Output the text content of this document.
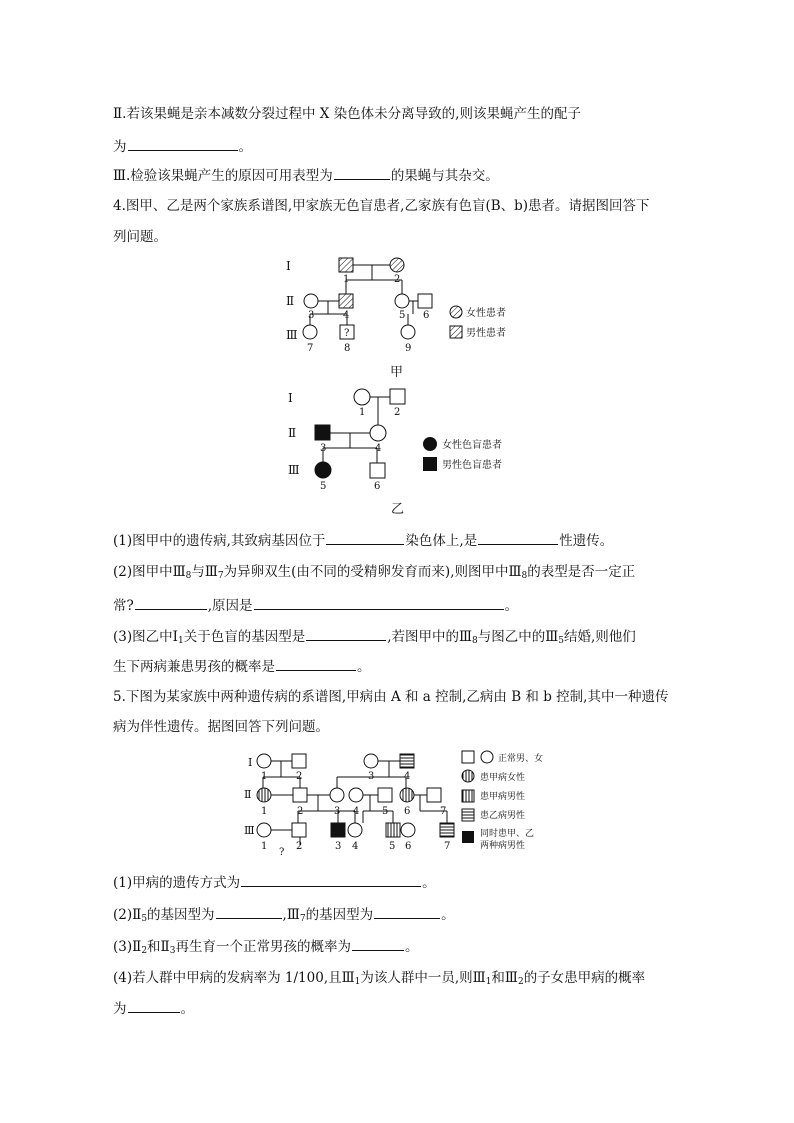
Ⅱ.若该果蝇是亲本减数分裂过程中 X 染色体未分离导致的,则该果蝇产生的配子
为	。
Ⅲ.检验该果蝇产生的原因可用表型为	的果蝇与其杂交。
4.图甲、乙是两个家族系谱图,甲家族无色盲患者,乙家族有色盲(B、b)患者。请据图回答下
列问题。
Ⅰ
Ⅱ
Ⅲ	?
1	2
3	4	5 6
7	8	9
女性患者
男性患者
甲
Ⅰ
Ⅱ
Ⅲ
1	2
3	4
5	6
女性色盲患者
男性色盲患者
乙
(1)图甲中的遗传病,其致病基因位于	染色体上,是	性遗传。
(2)图甲中$Ⅲ_8$与$Ⅲ_7$为异卵双生(由不同的受精卵发育而来),则图甲中$Ⅲ_8$的表型是否一定正
常?	,原因是	。
(3)图乙中$Ⅰ_1$关于色盲的基因型是	,若图甲中的$Ⅲ_8$与图乙中的$Ⅲ_5$结婚,则他们
生下两病兼患男孩的概率是	。
5.下图为某家族中两种遗传病的系谱图,甲病由 A 和 a 控制,乙病由 B 和 b 控制,其中一种遗传
病为伴性遗传。据图回答下列问题。
Ⅰ
Ⅱ
Ⅲ
1	2	3	4
1	2	3 4 5 6	7
1	2	3 4	5 6	7
?
正常男、女
患甲病女性
患甲病男性
患乙病男性
同时患甲、乙
两种病男性
(1)甲病的遗传方式为	。
$(2)Ⅱ_5$的基因型为	$,Ⅲ_7$的基因型为	。
$(3)Ⅱ_2$和$Ⅱ_3$再生育一个正常男孩的概率为	。
(4)若人群中甲病的发病率为 1/100,且$Ⅲ_1$为该人群中一员,则$Ⅲ_1$和$Ⅲ_2$的子女患甲病的概率
为	。
